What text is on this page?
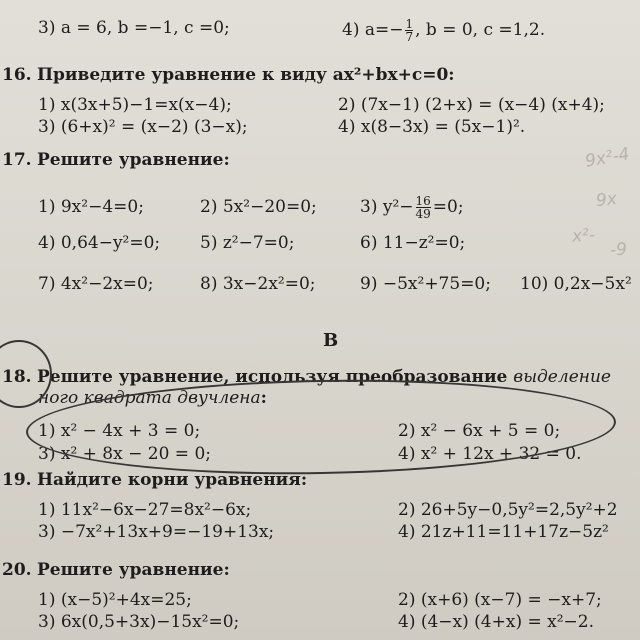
3) a = 6, b =−1, c =0;	4) $a=- \frac{1}{7}$ , b = 0, c =1,2.
16. Приведите уравнение к виду ax²+bx+c=0:
1) x(3x+5)−1=x(x−4);	2) (7x−1) (2+x) = (x−4) (x+4);
3) (6+x)² = (x−2) (3−x);	4) x(8−3x) = (5x−1)².
17. Решите уравнение:
1) 9x²−4=0;	2) 5x²−20=0;	3) $y^2- \frac{16}{49} =0$;
4) 0,64−y²=0; 5) z²−7=0;	6) 11−z²=0;
7) 4x²−2x=0;	8) 3x−2x²=0;	9) −5x²+75=0; 10) 0,2x−5x²
В
18. Решите уравнение, используя преобразование выделение
ного квадрата двучлена:
1) x² − 4x + 3 = 0;	2) x² − 6x + 5 = 0;
3) x² + 8x − 20 = 0;	4) x² + 12x + 32 = 0.
19. Найдите корни уравнения:
1) 11x²−6x−27=8x²−6x;	2) 26+5y−0,5y²=2,5y²+2
3) −7x²+13x+9=−19+13x;	4) 21z+11=11+17z−5z²
20. Решите уравнение:
1) (x−5)²+4x=25;	2) (x+6) (x−7) = −x+7;
3) 6x(0,5+3x)−15x²=0;	4) (4−x) (4+x) = x²−2.
9x²-4
9x
x²-
-9
